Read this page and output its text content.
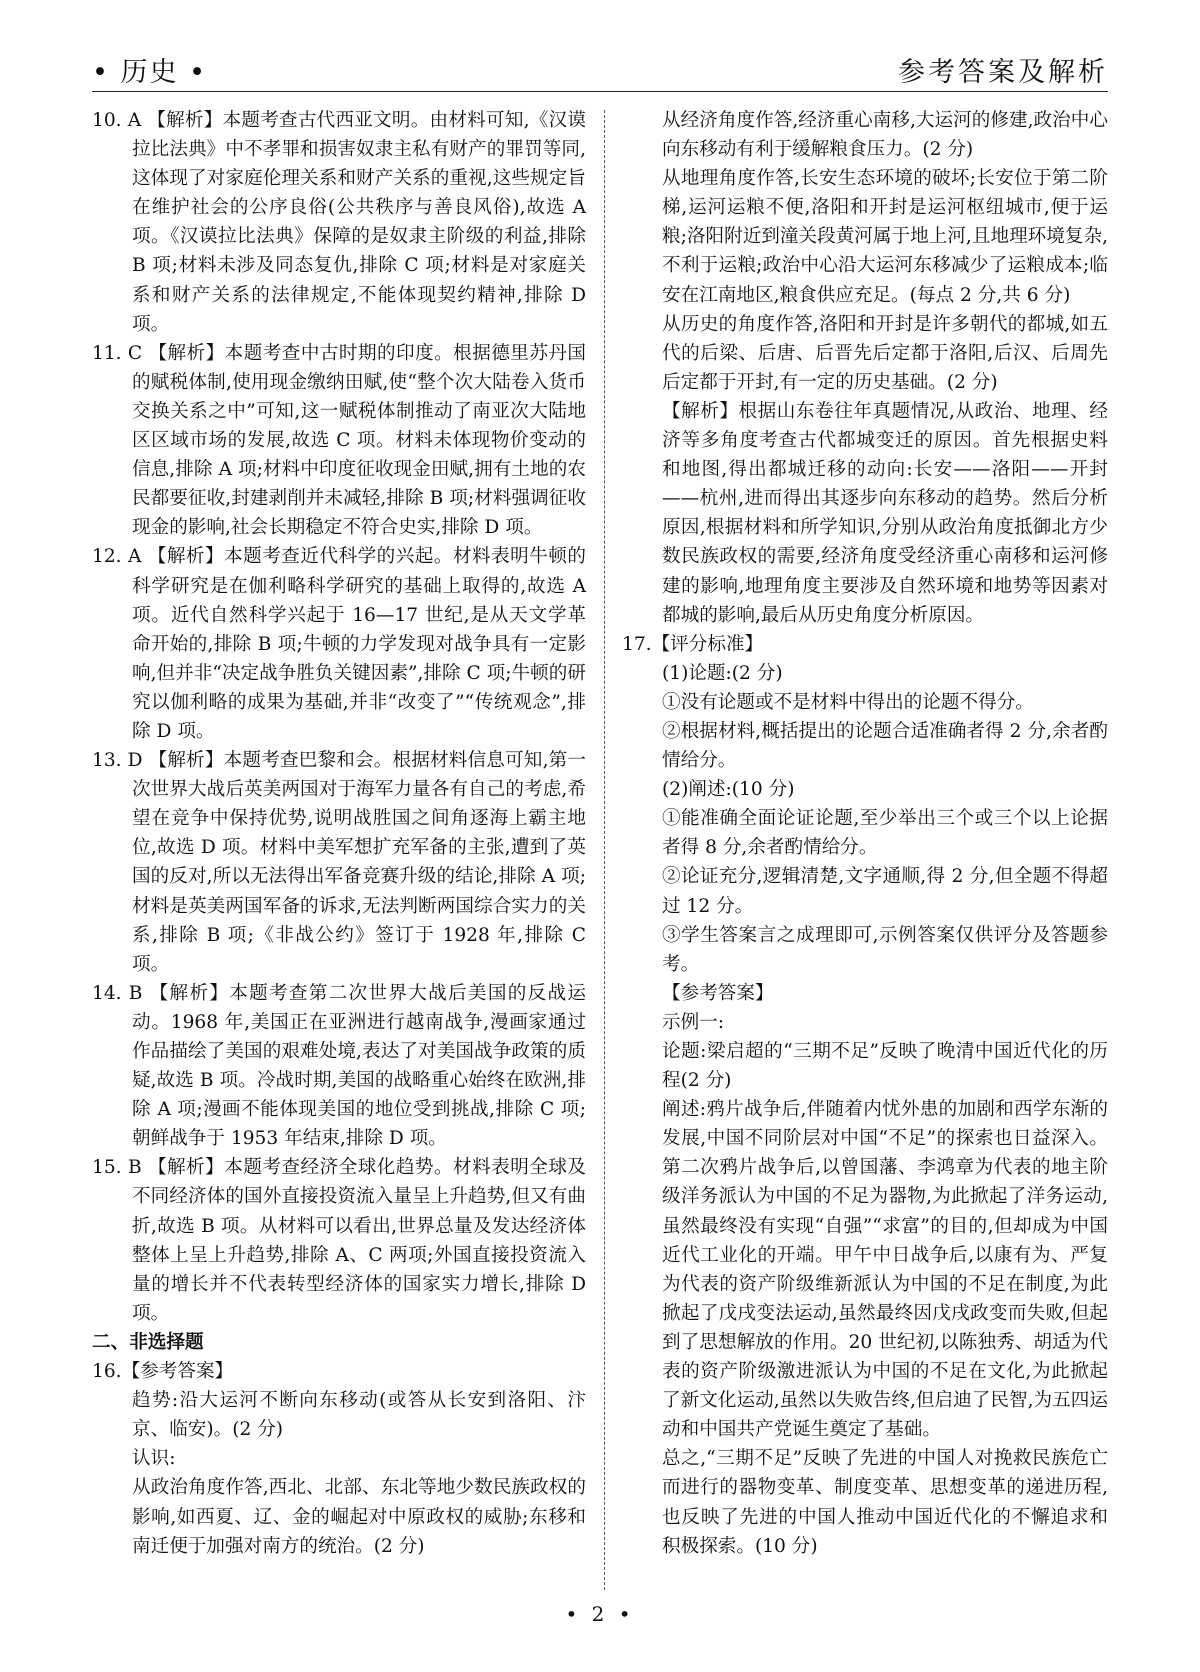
• 历史 •	参考答案及解析

10. A 【解析】本题考查古代西亚文明。由材料可知,《汉谟拉比法典》中不孝罪和损害奴隶主私有财产的罪罚等同,这体现了对家庭伦理关系和财产关系的重视,这些规定旨在维护社会的公序良俗(公共秩序与善良风俗),故选 A 项。《汉谟拉比法典》保障的是奴隶主阶级的利益,排除 B 项;材料未涉及同态复仇,排除 C 项;材料是对家庭关系和财产关系的法律规定,不能体现契约精神,排除 D 项。

11. C 【解析】本题考查中古时期的印度。根据德里苏丹国的赋税体制,使用现金缴纳田赋,使“整个次大陆卷入货币交换关系之中”可知,这一赋税体制推动了南亚次大陆地区区域市场的发展,故选 C 项。材料未体现物价变动的信息,排除 A 项;材料中印度征收现金田赋,拥有土地的农民都要征收,封建剥削并未减轻,排除 B 项;材料强调征收现金的影响,社会长期稳定不符合史实,排除 D 项。

12. A 【解析】本题考查近代科学的兴起。材料表明牛顿的科学研究是在伽利略科学研究的基础上取得的,故选 A 项。近代自然科学兴起于 16—17 世纪,是从天文学革命开始的,排除 B 项;牛顿的力学发现对战争具有一定影响,但并非“决定战争胜负关键因素”,排除 C 项;牛顿的研究以伽利略的成果为基础,并非“改变了”“传统观念”,排除 D 项。

13. D 【解析】本题考查巴黎和会。根据材料信息可知,第一次世界大战后英美两国对于海军力量各有自己的考虑,希望在竞争中保持优势,说明战胜国之间角逐海上霸主地位,故选 D 项。材料中美军想扩充军备的主张,遭到了英国的反对,所以无法得出军备竞赛升级的结论,排除 A 项;材料是英美两国军备的诉求,无法判断两国综合实力的关系,排除 B 项;《非战公约》签订于 1928 年,排除 C 项。

14. B 【解析】本题考查第二次世界大战后美国的反战运动。1968 年,美国正在亚洲进行越南战争,漫画家通过作品描绘了美国的艰难处境,表达了对美国战争政策的质疑,故选 B 项。冷战时期,美国的战略重心始终在欧洲,排除 A 项;漫画不能体现美国的地位受到挑战,排除 C 项;朝鲜战争于 1953 年结束,排除 D 项。

15. B 【解析】本题考查经济全球化趋势。材料表明全球及不同经济体的国外直接投资流入量呈上升趋势,但又有曲折,故选 B 项。从材料可以看出,世界总量及发达经济体整体上呈上升趋势,排除 A、C 两项;外国直接投资流入量的增长并不代表转型经济体的国家实力增长,排除 D 项。

二、非选择题

16.【参考答案】

趋势:沿大运河不断向东移动(或答从长安到洛阳、汴京、临安)。(2 分)

认识:

从政治角度作答,西北、北部、东北等地少数民族政权的影响,如西夏、辽、金的崛起对中原政权的威胁;东移和南迁便于加强对南方的统治。(2 分)

从经济角度作答,经济重心南移,大运河的修建,政治中心向东移动有利于缓解粮食压力。(2 分)

从地理角度作答,长安生态环境的破坏;长安位于第二阶梯,运河运粮不便,洛阳和开封是运河枢纽城市,便于运粮;洛阳附近到潼关段黄河属于地上河,且地理环境复杂,不利于运粮;政治中心沿大运河东移减少了运粮成本;临安在江南地区,粮食供应充足。(每点 2 分,共 6 分)

从历史的角度作答,洛阳和开封是许多朝代的都城,如五代的后梁、后唐、后晋先后定都于洛阳,后汉、后周先后定都于开封,有一定的历史基础。(2 分)

【解析】根据山东卷往年真题情况,从政治、地理、经济等多角度考查古代都城变迁的原因。首先根据史料和地图,得出都城迁移的动向:长安——洛阳——开封——杭州,进而得出其逐步向东移动的趋势。然后分析原因,根据材料和所学知识,分别从政治角度抵御北方少数民族政权的需要,经济角度受经济重心南移和运河修建的影响,地理角度主要涉及自然环境和地势等因素对都城的影响,最后从历史角度分析原因。

17.【评分标准】

(1)论题:(2 分)

①没有论题或不是材料中得出的论题不得分。

②根据材料,概括提出的论题合适准确者得 2 分,余者酌情给分。

(2)阐述:(10 分)

①能准确全面论证论题,至少举出三个或三个以上论据者得 8 分,余者酌情给分。

②论证充分,逻辑清楚,文字通顺,得 2 分,但全题不得超过 12 分。

③学生答案言之成理即可,示例答案仅供评分及答题参考。

【参考答案】

示例一:

论题:梁启超的“三期不足”反映了晚清中国近代化的历程(2 分)

阐述:鸦片战争后,伴随着内忧外患的加剧和西学东渐的发展,中国不同阶层对中国“不足”的探索也日益深入。第二次鸦片战争后,以曾国藩、李鸿章为代表的地主阶级洋务派认为中国的不足为器物,为此掀起了洋务运动,虽然最终没有实现“自强”“求富”的目的,但却成为中国近代工业化的开端。甲午中日战争后,以康有为、严复为代表的资产阶级维新派认为中国的不足在制度,为此掀起了戊戌变法运动,虽然最终因戊戌政变而失败,但起到了思想解放的作用。20 世纪初,以陈独秀、胡适为代表的资产阶级激进派认为中国的不足在文化,为此掀起了新文化运动,虽然以失败告终,但启迪了民智,为五四运动和中国共产党诞生奠定了基础。

总之,“三期不足”反映了先进的中国人对挽救民族危亡而进行的器物变革、制度变革、思想变革的递进历程,也反映了先进的中国人推动中国近代化的不懈追求和积极探索。(10 分)

• 2 •
